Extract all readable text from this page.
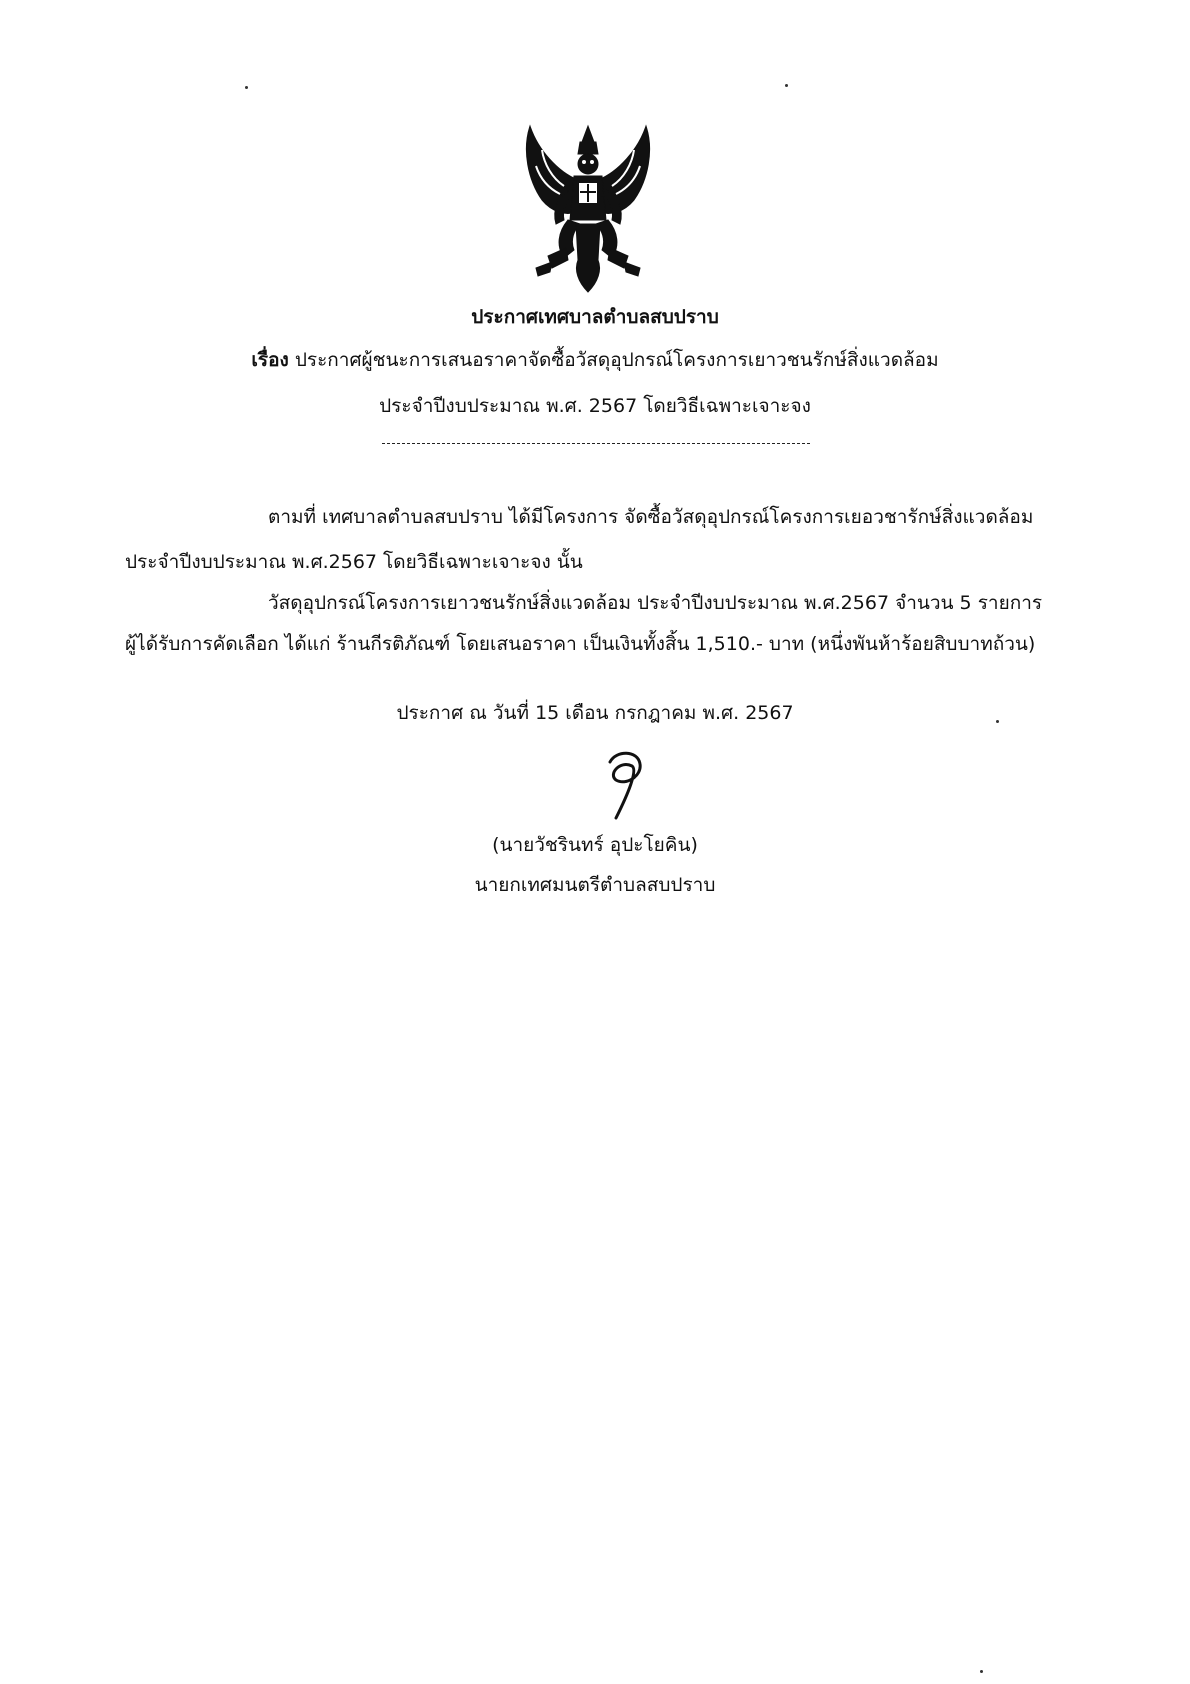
ประกาศเทศบาลตำบลสบปราบ
เรื่อง ประกาศผู้ชนะการเสนอราคาจัดซื้อวัสดุอุปกรณ์โครงการเยาวชนรักษ์สิ่งแวดล้อม
ประจำปีงบประมาณ พ.ศ. 2567 โดยวิธีเฉพาะเจาะจง
ตามที่ เทศบาลตำบลสบปราบ ได้มีโครงการ จัดซื้อวัสดุอุปกรณ์โครงการเยอวชารักษ์สิ่งแวดล้อม
ประจำปีงบประมาณ พ.ศ.2567 โดยวิธีเฉพาะเจาะจง นั้น
วัสดุอุปกรณ์โครงการเยาวชนรักษ์สิ่งแวดล้อม ประจำปีงบประมาณ พ.ศ.2567 จำนวน 5 รายการ
ผู้ได้รับการคัดเลือก ได้แก่ ร้านกีรติภัณฑ์ โดยเสนอราคา เป็นเงินทั้งสิ้น 1,510.- บาท (หนึ่งพันห้าร้อยสิบบาทถ้วน)
ประกาศ ณ วันที่ 15 เดือน กรกฎาคม พ.ศ. 2567
(นายวัชรินทร์ อุปะโยคิน)
นายกเทศมนตรีตำบลสบปราบ
